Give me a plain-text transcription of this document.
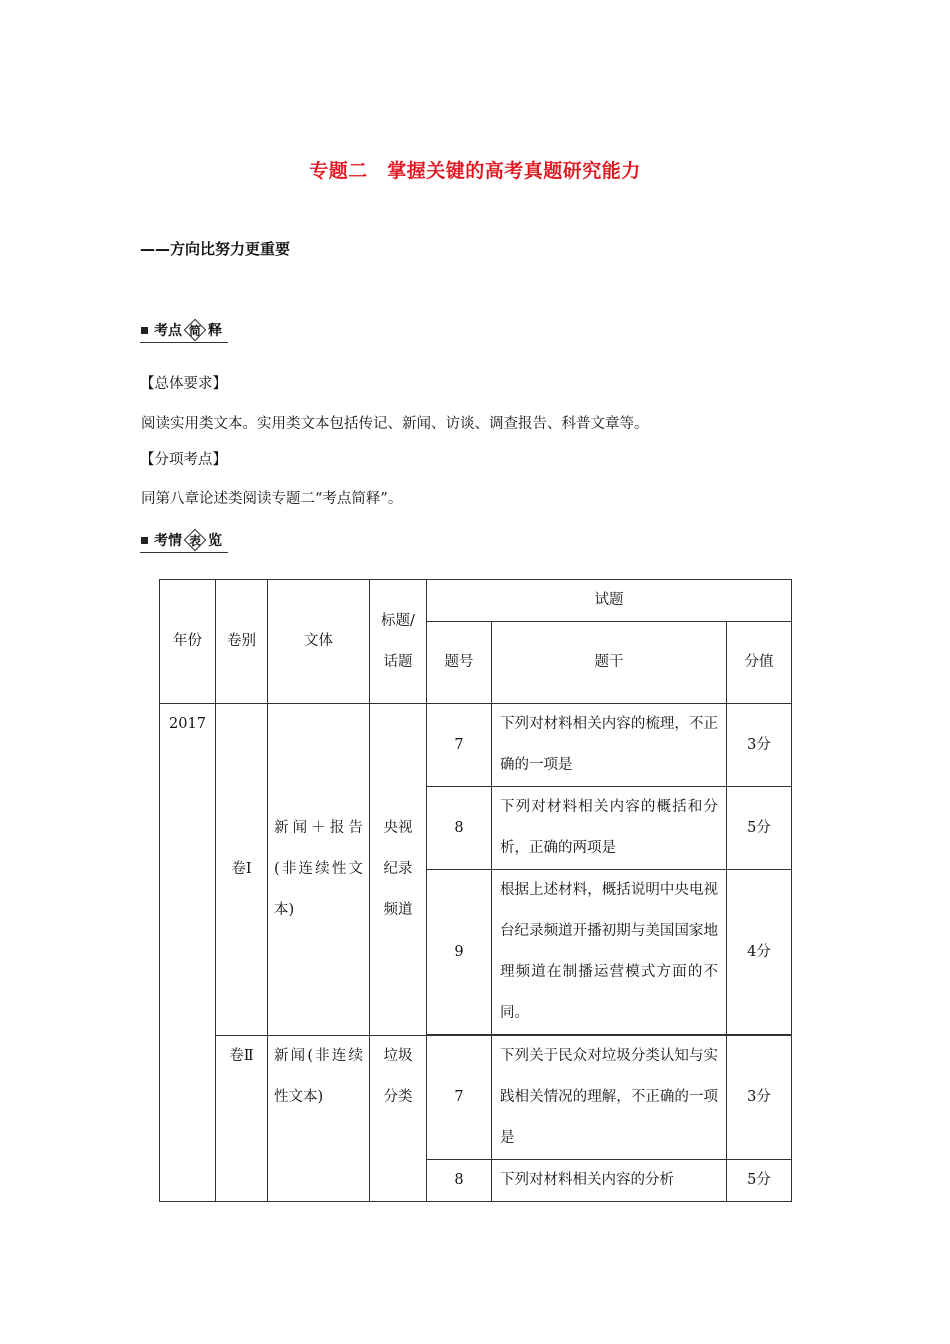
专题二　掌握关键的高考真题研究能力
——方向比努力更重要
考点 简 释
【总体要求】
阅读实用类文本。实用类文本包括传记、新闻、访谈、调查报告、科普文章等。
【分项考点】
同第八章论述类阅读专题二“考点简释”。
考情 表 览
年份	卷别	文体	标题/话题	试题		
				题号	题干	分值
2017	卷Ⅰ	新闻＋报告(非连续性文本)	央视纪录频道	7	下列对材料相关内容的梳理，不正确的一项是	3分
				8	下列对材料相关内容的概括和分析，正确的两项是	5分
				9	根据上述材料，概括说明中央电视台纪录频道开播初期与美国国家地理频道在制播运营模式方面的不同。	4分

	卷Ⅱ	新闻(非连续性文本)	垃圾分类	7	下列关于民众对垃圾分类认知与实践相关情况的理解，不正确的一项是	3分
				8	下列对材料相关内容的分析	5分
